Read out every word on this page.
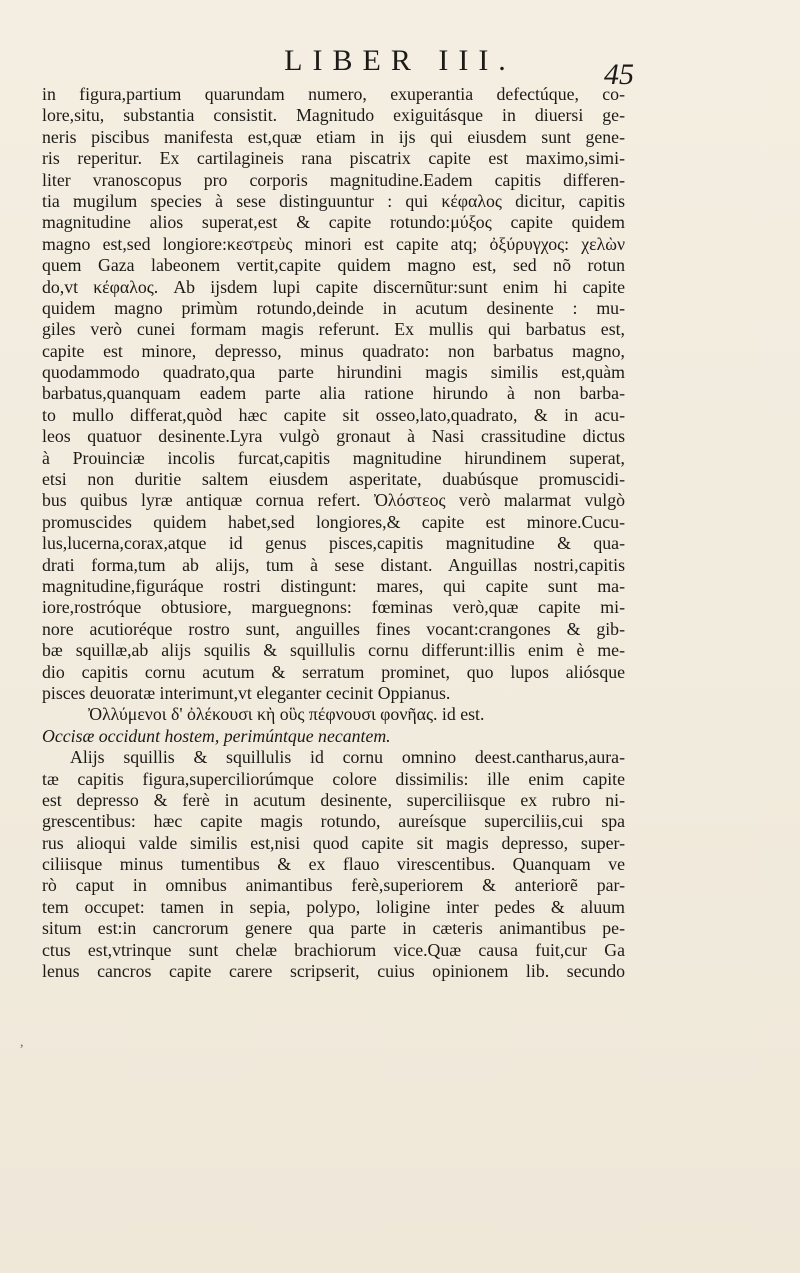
LIBER III.	45
in figura,partium quarundam numero, exuperantia defectúque, co-
lore,situ, substantia consistit. Magnitudo exiguitásque in diuersi ge-
neris piscibus manifesta est,quæ etiam in ijs qui eiusdem sunt gene-
ris reperitur. Ex cartilagineis rana piscatrix capite est maximo,simi-
liter vranoscopus pro corporis magnitudine.Eadem capitis differen-
tia mugilum species à sese distinguuntur : qui κέφαλος dicitur, capitis
magnitudine alios superat,est & capite rotundo:μύξος capite quidem
magno est,sed longiore:κεστρεὺς minori est capite atq; ὀξύρυγχος: χελὼν
quem Gaza labeonem vertit,capite quidem magno est, sed nõ rotun
do,vt κέφαλος. Ab ijsdem lupi capite discernũtur:sunt enim hi capite
quidem magno primùm rotundo,deinde in acutum desinente : mu-
giles verò cunei formam magis referunt. Ex mullis qui barbatus est,
capite est minore, depresso, minus quadrato: non barbatus magno,
quodammodo quadrato,qua parte hirundini magis similis est,quàm
barbatus,quanquam eadem parte alia ratione hirundo à non barba-
to mullo differat,quòd hæc capite sit osseo,lato,quadrato, & in acu-
leos quatuor desinente.Lyra vulgò gronaut à Nasi crassitudine dictus
à Prouinciæ incolis furcat,capitis magnitudine hirundinem superat,
etsi non duritie saltem eiusdem asperitate, duabúsque promuscidi-
bus quibus lyræ antiquæ cornua refert. Ὀλόστεος verò malarmat vulgò
promuscides quidem habet,sed longiores,& capite est minore.Cucu-
lus,lucerna,corax,atque id genus pisces,capitis magnitudine & qua-
drati forma,tum ab alijs, tum à sese distant. Anguillas nostri,capitis
magnitudine,figuráque rostri distingunt: mares, qui capite sunt ma-
iore,rostróque obtusiore, marguegnons: fœminas verò,quæ capite mi-
nore acutioréque rostro sunt, anguilles fines vocant:crangones & gib-
bæ squillæ,ab alijs squilis & squillulis cornu differunt:illis enim è me-
dio capitis cornu acutum & serratum prominet, quo lupos aliósque
pisces deuoratæ interimunt,vt eleganter cecinit Oppianus.
Ὀλλύμενοι δ' ὀλέκουσι κὴ οὓς πέφνουσι φονῆας. id est.
Occisæ occidunt hostem, perimúntque necantem.
Alijs squillis & squillulis id cornu omnino deest.cantharus,aura-
tæ capitis figura,superciliorúmque colore dissimilis: ille enim capite
est depresso & ferè in acutum desinente, superciliisque ex rubro ni-
grescentibus: hæc capite magis rotundo, aureísque superciliis,cui spa
rus alioqui valde similis est,nisi quod capite sit magis depresso, super-
ciliisque minus tumentibus & ex flauo virescentibus. Quanquam ve
rò caput in omnibus animantibus ferè,superiorem & anteriorẽ par-
tem occupet: tamen in sepia, polypo, loligine inter pedes & aluum
situm est:in cancrorum genere qua parte in cæteris animantibus pe-
ctus est,vtrinque sunt chelæ brachiorum vice.Quæ causa fuit,cur Ga
lenus cancros capite carere scripserit, cuius opinionem lib. secundo
,
